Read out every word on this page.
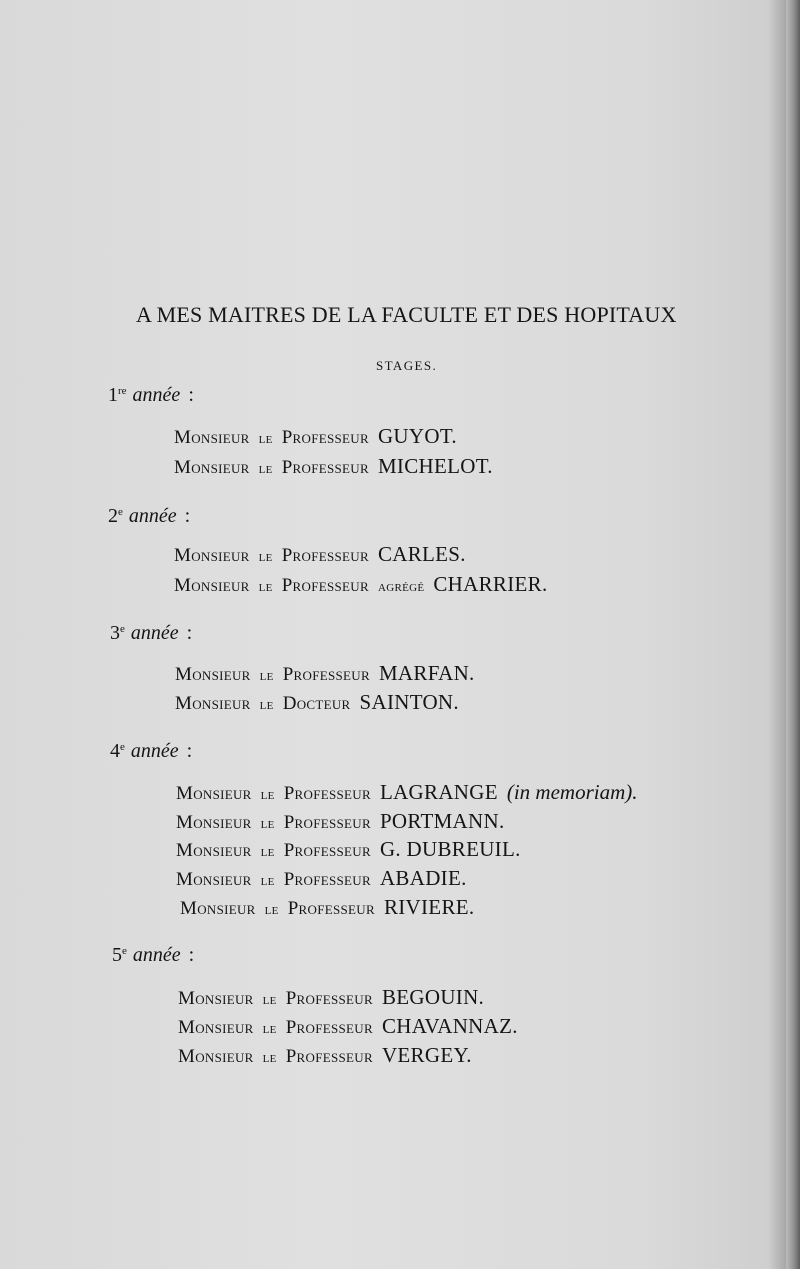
A MES MAITRES DE LA FACULTE ET DES HOPITAUX
STAGES.
1re année :
Monsieur le Professeur GUYOT.
Monsieur le Professeur MICHELOT.
2e année :
Monsieur le Professeur CARLES.
Monsieur le Professeur agrégé CHARRIER.
3e année :
Monsieur le Professeur MARFAN.
Monsieur le Docteur SAINTON.
4e année :
Monsieur le Professeur LAGRANGE (in memoriam).
Monsieur le Professeur PORTMANN.
Monsieur le Professeur G. DUBREUIL.
Monsieur le Professeur ABADIE.
Monsieur le Professeur RIVIERE.
5e année :
Monsieur le Professeur BEGOUIN.
Monsieur le Professeur CHAVANNAZ.
Monsieur le Professeur VERGEY.
